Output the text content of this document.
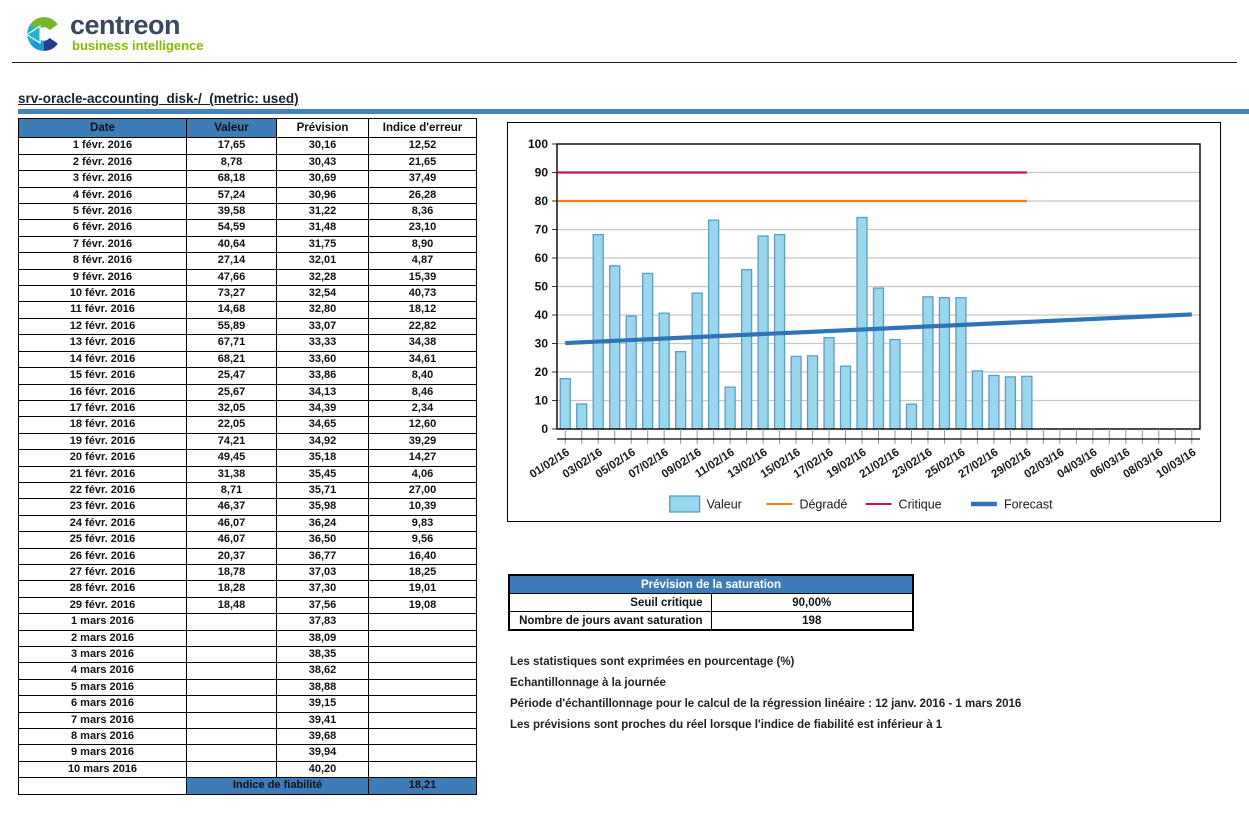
centreon
business intelligence
srv-oracle-accounting  disk-/  (metric: used)
Date	Valeur	Prévision	Indice d'erreur
1 févr. 2016	17,65	30,16	12,52
2 févr. 2016	8,78	30,43	21,65
3 févr. 2016	68,18	30,69	37,49
4 févr. 2016	57,24	30,96	26,28
5 févr. 2016	39,58	31,22	8,36
6 févr. 2016	54,59	31,48	23,10
7 févr. 2016	40,64	31,75	8,90
8 févr. 2016	27,14	32,01	4,87
9 févr. 2016	47,66	32,28	15,39
10 févr. 2016	73,27	32,54	40,73
11 févr. 2016	14,68	32,80	18,12
12 févr. 2016	55,89	33,07	22,82
13 févr. 2016	67,71	33,33	34,38
14 févr. 2016	68,21	33,60	34,61
15 févr. 2016	25,47	33,86	8,40
16 févr. 2016	25,67	34,13	8,46
17 févr. 2016	32,05	34,39	2,34
18 févr. 2016	22,05	34,65	12,60
19 févr. 2016	74,21	34,92	39,29
20 févr. 2016	49,45	35,18	14,27
21 févr. 2016	31,38	35,45	4,06
22 févr. 2016	8,71	35,71	27,00
23 févr. 2016	46,37	35,98	10,39
24 févr. 2016	46,07	36,24	9,83
25 févr. 2016	46,07	36,50	9,56
26 févr. 2016	20,37	36,77	16,40
27 févr. 2016	18,78	37,03	18,25
28 févr. 2016	18,28	37,30	19,01
29 févr. 2016	18,48	37,56	19,08
1 mars 2016		37,83	
2 mars 2016		38,09	
3 mars 2016		38,35	
4 mars 2016		38,62	
5 mars 2016		38,88	
6 mars 2016		39,15	
7 mars 2016		39,41	
8 mars 2016		39,68	
9 mars 2016		39,94	
10 mars 2016		40,20	
	Indice de fiabilité		18,21
0
10
20
30
40
50
60
70
80
90
100
01/02/16
03/02/16
05/02/16
07/02/16
09/02/16
11/02/16
13/02/16
15/02/16
17/02/16
19/02/16
21/02/16
23/02/16
25/02/16
27/02/16
29/02/16
02/03/16
04/03/16
06/03/16
08/03/16
10/03/16
Valeur	Dégradé	Critique	Forecast
Prévision de la saturation	
Seuil critique	90,00%
Nombre de jours avant saturation	198
Les statistiques sont exprimées en pourcentage (%)
Echantillonnage à la journée
Période d'échantillonnage pour le calcul de la régression linéaire : 12 janv. 2016 - 1 mars 2016
Les prévisions sont proches du réel lorsque l'indice de fiabilité est inférieur à 1
